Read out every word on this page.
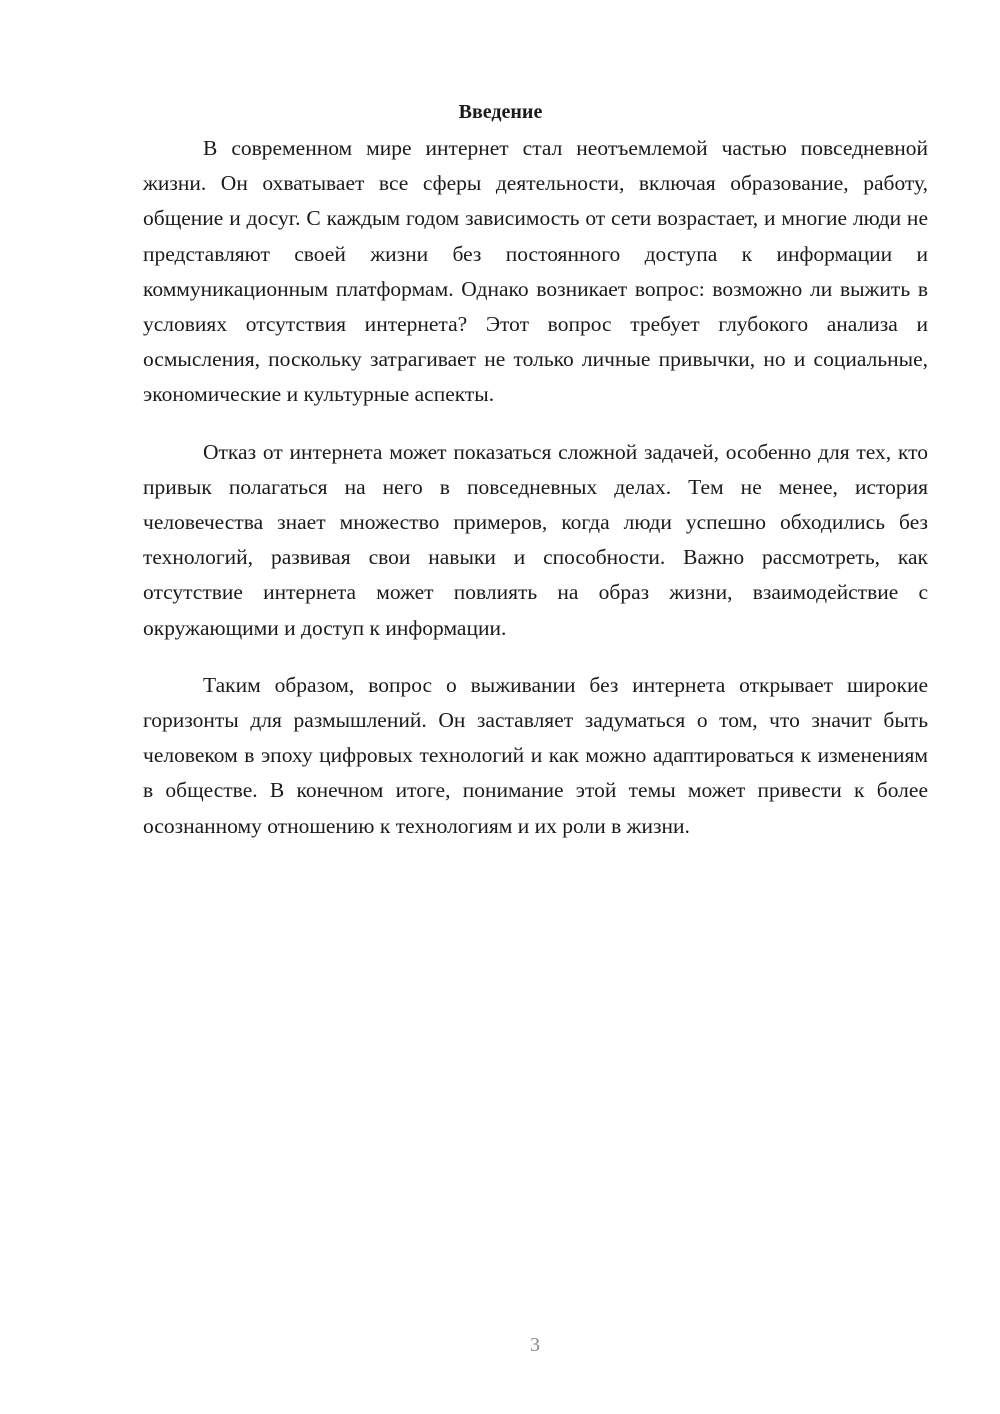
Введение

В современном мире интернет стал неотъемлемой частью повседневной жизни. Он охватывает все сферы деятельности, включая образование, работу, общение и досуг. С каждым годом зависимость от сети возрастает, и многие люди не представляют своей жизни без постоянного доступа к информации и коммуникационным платформам. Однако возникает вопрос: возможно ли выжить в условиях отсутствия интернета? Этот вопрос требует глубокого анализа и осмысления, поскольку затрагивает не только личные привычки, но и социальные, экономические и культурные аспекты.

Отказ от интернета может показаться сложной задачей, особенно для тех, кто привык полагаться на него в повседневных делах. Тем не менее, история человечества знает множество примеров, когда люди успешно обходились без технологий, развивая свои навыки и способности. Важно рассмотреть, как отсутствие интернета может повлиять на образ жизни, взаимодействие с окружающими и доступ к информации.

Таким образом, вопрос о выживании без интернета открывает широкие горизонты для размышлений. Он заставляет задуматься о том, что значит быть человеком в эпоху цифровых технологий и как можно адаптироваться к изменениям в обществе. В конечном итоге, понимание этой темы может привести к более осознанному отношению к технологиям и их роли в жизни.

3
